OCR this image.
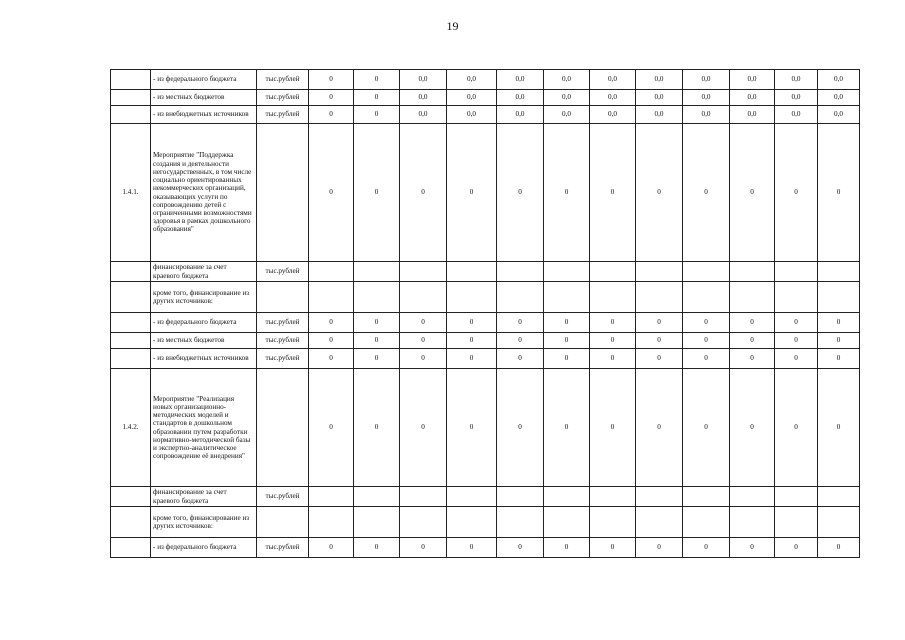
19
	- из федерального бюджета	тыс.рублей	0	0	0,0	0,0	0,0	0,0	0,0	0,0	0,0	0,0	0,0	0,0
	- из местных бюджетов	тыс.рублей	0	0	0,0	0,0	0,0	0,0	0,0	0,0	0,0	0,0	0,0	0,0
	- из внебюджетных источников	тыс.рублей	0	0	0,0	0,0	0,0	0,0	0,0	0,0	0,0	0,0	0,0	0,0
1.4.1.	Мероприятие "Поддержка создания и деятельности негосударственных, в том числе социально ориентированных некоммерческих организаций, оказывающих услуги по сопровождению детей с ограниченными возможностями здоровья в рамках дошкольного образования"		0	0	0	0	0	0	0	0	0	0	0	0
	финансирование за счет краевого бюджета	тыс.рублей												
	кроме того, финансирование из других источников:													
	- из федерального бюджета	тыс.рублей	0	0	0	0	0	0	0	0	0	0	0	0
	- из местных бюджетов	тыс.рублей	0	0	0	0	0	0	0	0	0	0	0	0
	- из внебюджетных источников	тыс.рублей	0	0	0	0	0	0	0	0	0	0	0	0
1.4.2.	Мероприятие "Реализация новых организационно-методических моделей и стандартов в дошкольном образовании путем разработки нормативно-методической базы и экспертно-аналитическое сопровождение её внедрения"		0	0	0	0	0	0	0	0	0	0	0	0
	финансирование за счет краевого бюджета	тыс.рублей												
	кроме того, финансирование из других источников:													
	- из федерального бюджета	тыс.рублей	0	0	0	0	0	0	0	0	0	0	0	0
